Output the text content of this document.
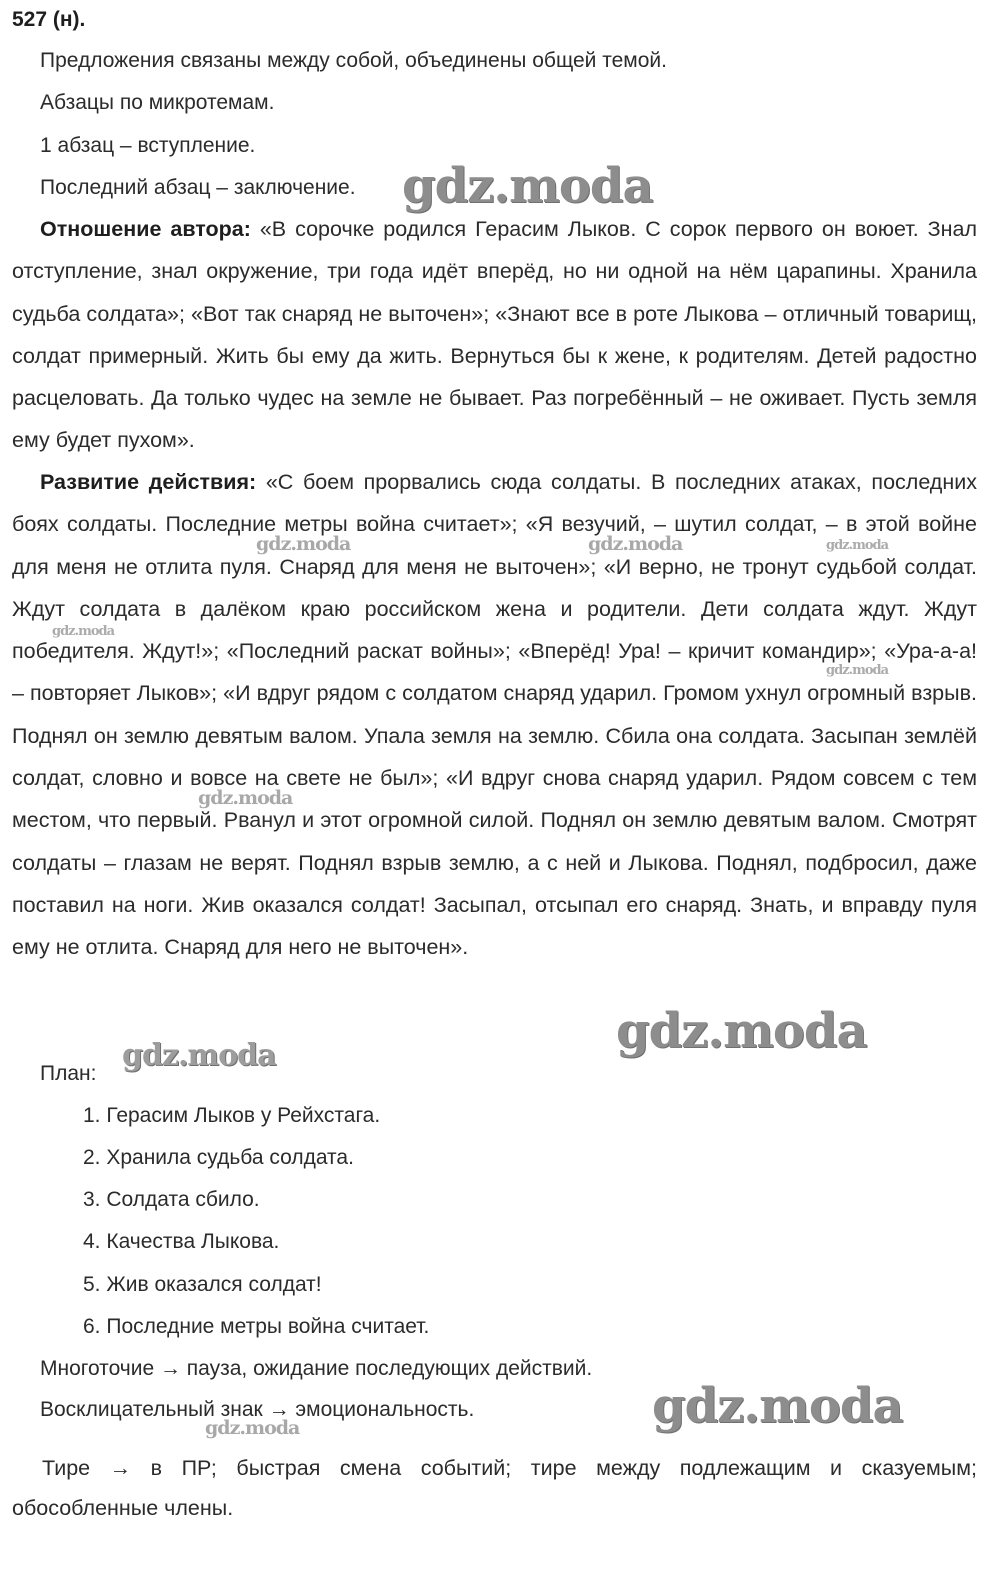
527 (н).
Предложения связаны между собой, объединены общей темой.
Абзацы по микротемам.
1 абзац – вступление.
Последний абзац – заключение.

Отношение автора: «В сорочке родился Герасим Лыков. С сорок первого он воюет. Знал отступление, знал окружение, три года идёт вперёд, но ни одной на нём царапины. Хранила судьба солдата»; «Вот так снаряд не выточен»; «Знают все в роте Лыкова – отличный товарищ, солдат примерный. Жить бы ему да жить. Вернуться бы к жене, к родителям. Детей радостно расцеловать. Да только чудес на земле не бывает. Раз погребённый – не оживает. Пусть земля ему будет пухом».

Развитие действия: «С боем прорвались сюда солдаты. В последних атаках, последних боях солдаты. Последние метры война считает»; «Я везучий, – шутил солдат, – в этой войне для меня не отлита пуля. Снаряд для меня не выточен»; «И верно, не тронут судьбой солдат. Ждут солдата в далёком краю российском жена и родители. Дети солдата ждут. Ждут победителя. Ждут!»; «Последний раскат войны»; «Вперёд! Ура! – кричит командир»; «Ура-а-а! – повторяет Лыков»; «И вдруг рядом с солдатом снаряд ударил. Громом ухнул огромный взрыв. Поднял он землю девятым валом. Упала земля на землю. Сбила она солдата. Засыпан землёй солдат, словно и вовсе на свете не был»; «И вдруг снова снаряд ударил. Рядом совсем с тем местом, что первый. Рванул и этот огромной силой. Поднял он землю девятым валом. Смотрят солдаты – глазам не верят. Поднял взрыв землю, а с ней и Лыкова. Поднял, подбросил, даже поставил на ноги. Жив оказался солдат! Засыпал, отсыпал его снаряд. Знать, и вправду пуля ему не отлита. Снаряд для него не выточен».

План:
1. Герасим Лыков у Рейхстага.
2. Хранила судьба солдата.
3. Солдата сбило.
4. Качества Лыкова.
5. Жив оказался солдат!
6. Последние метры война считает.
Многоточие → пауза, ожидание последующих действий.
Восклицательный знак → эмоциональность.

Тире → в ПР; быстрая смена событий; тире между подлежащим и сказуемым; обособленные члены.

gdz.moda
gdz.moda	gdz.moda	gdz.moda
gdz.moda
gdz.moda
gdz.moda
gdz.moda
gdz.moda
gdz.moda
gdz.moda
